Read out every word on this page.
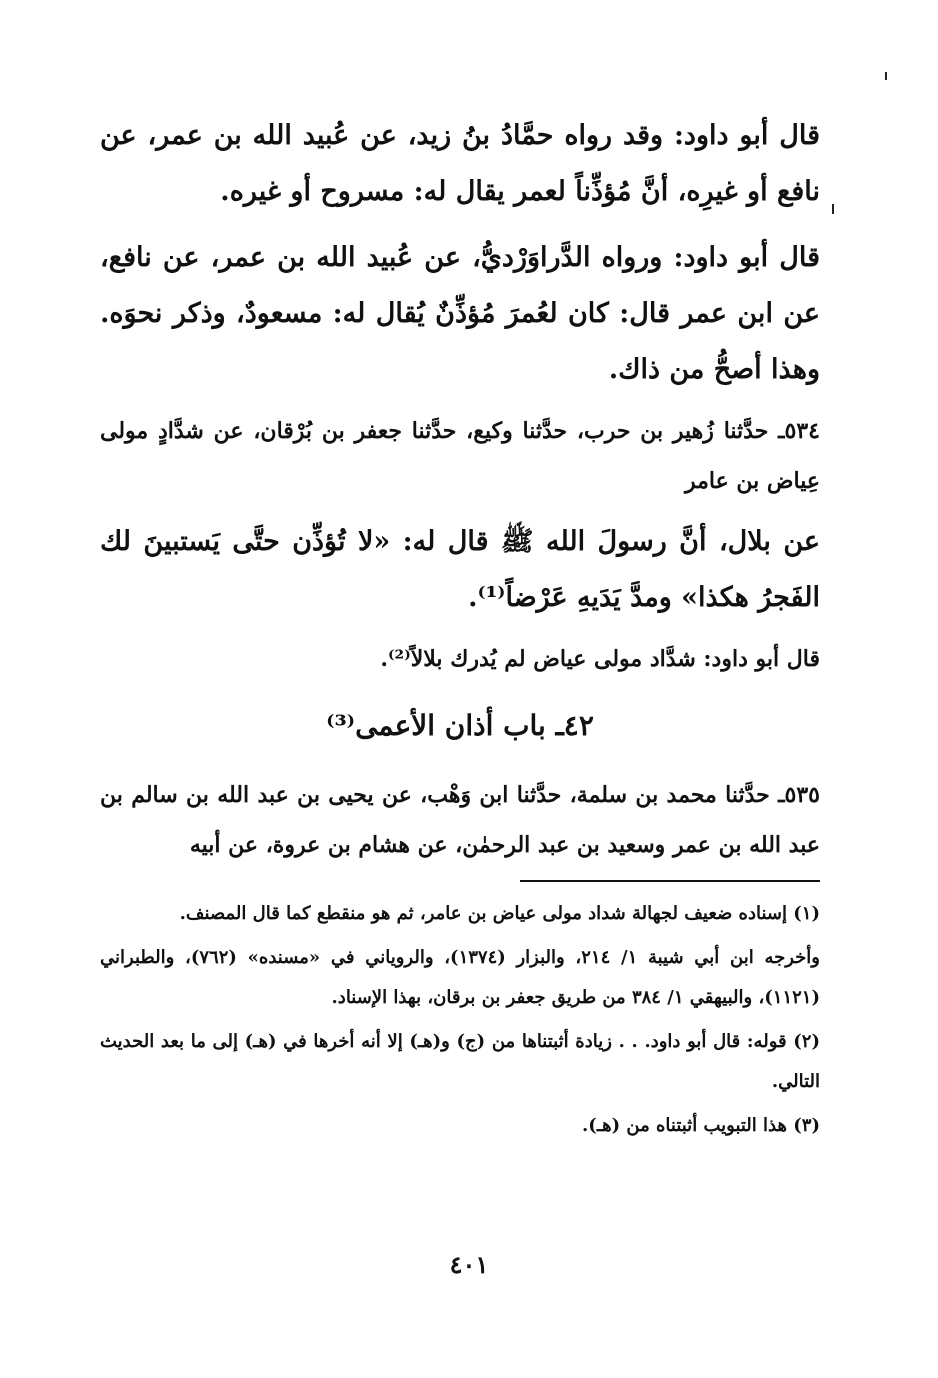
قال أبو داود: وقد رواه حمَّادُ بنُ زيد، عن عُبيد الله بن عمر، عن نافع أو غيرِه، أنَّ مُؤذِّناً لعمر يقال له: مسروح أو غيره.

قال أبو داود: ورواه الدَّراوَرْديُّ، عن عُبيد الله بن عمر، عن نافع، عن ابن عمر قال: كان لعُمرَ مُؤذِّنٌ يُقال له: مسعودٌ، وذكر نحوَه. وهذا أصحُّ من ذاك.

٥٣٤ـ حدَّثنا زُهير بن حرب، حدَّثنا وكيع، حدَّثنا جعفر بن بُرْقان، عن شدَّادٍ مولى عِياض بن عامر

عن بلال، أنَّ رسولَ الله ﷺ قال له: «لا تُؤذِّن حتَّى يَستبينَ لك الفَجرُ هكذا» ومدَّ يَدَيهِ عَرْضاً⁽¹⁾.

قال أبو داود: شدَّاد مولى عياض لم يُدرك بلالاً⁽²⁾.

٤٢ـ باب أذان الأعمى⁽³⁾

٥٣٥ـ حدَّثنا محمد بن سلمة، حدَّثنا ابن وَهْب، عن يحيى بن عبد الله بن سالم بن عبد الله بن عمر وسعيد بن عبد الرحمٰن، عن هشام بن عروة، عن أبيه

(١) إسناده ضعيف لجهالة شداد مولى عياض بن عامر، ثم هو منقطع كما قال المصنف.

وأخرجه ابن أبي شيبة ١/ ٢١٤، والبزار (١٣٧٤)، والروياني في «مسنده» (٧٦٢)، والطبراني (١١٢١)، والبيهقي ١/ ٣٨٤ من طريق جعفر بن برقان، بهذا الإسناد.

(٢) قوله: قال أبو داود. . . زيادة أثبتناها من (ج) و(هـ) إلا أنه أخرها في (هـ) إلى ما بعد الحديث التالي.

(٣) هذا التبويب أثبتناه من (هـ).

٤٠١
